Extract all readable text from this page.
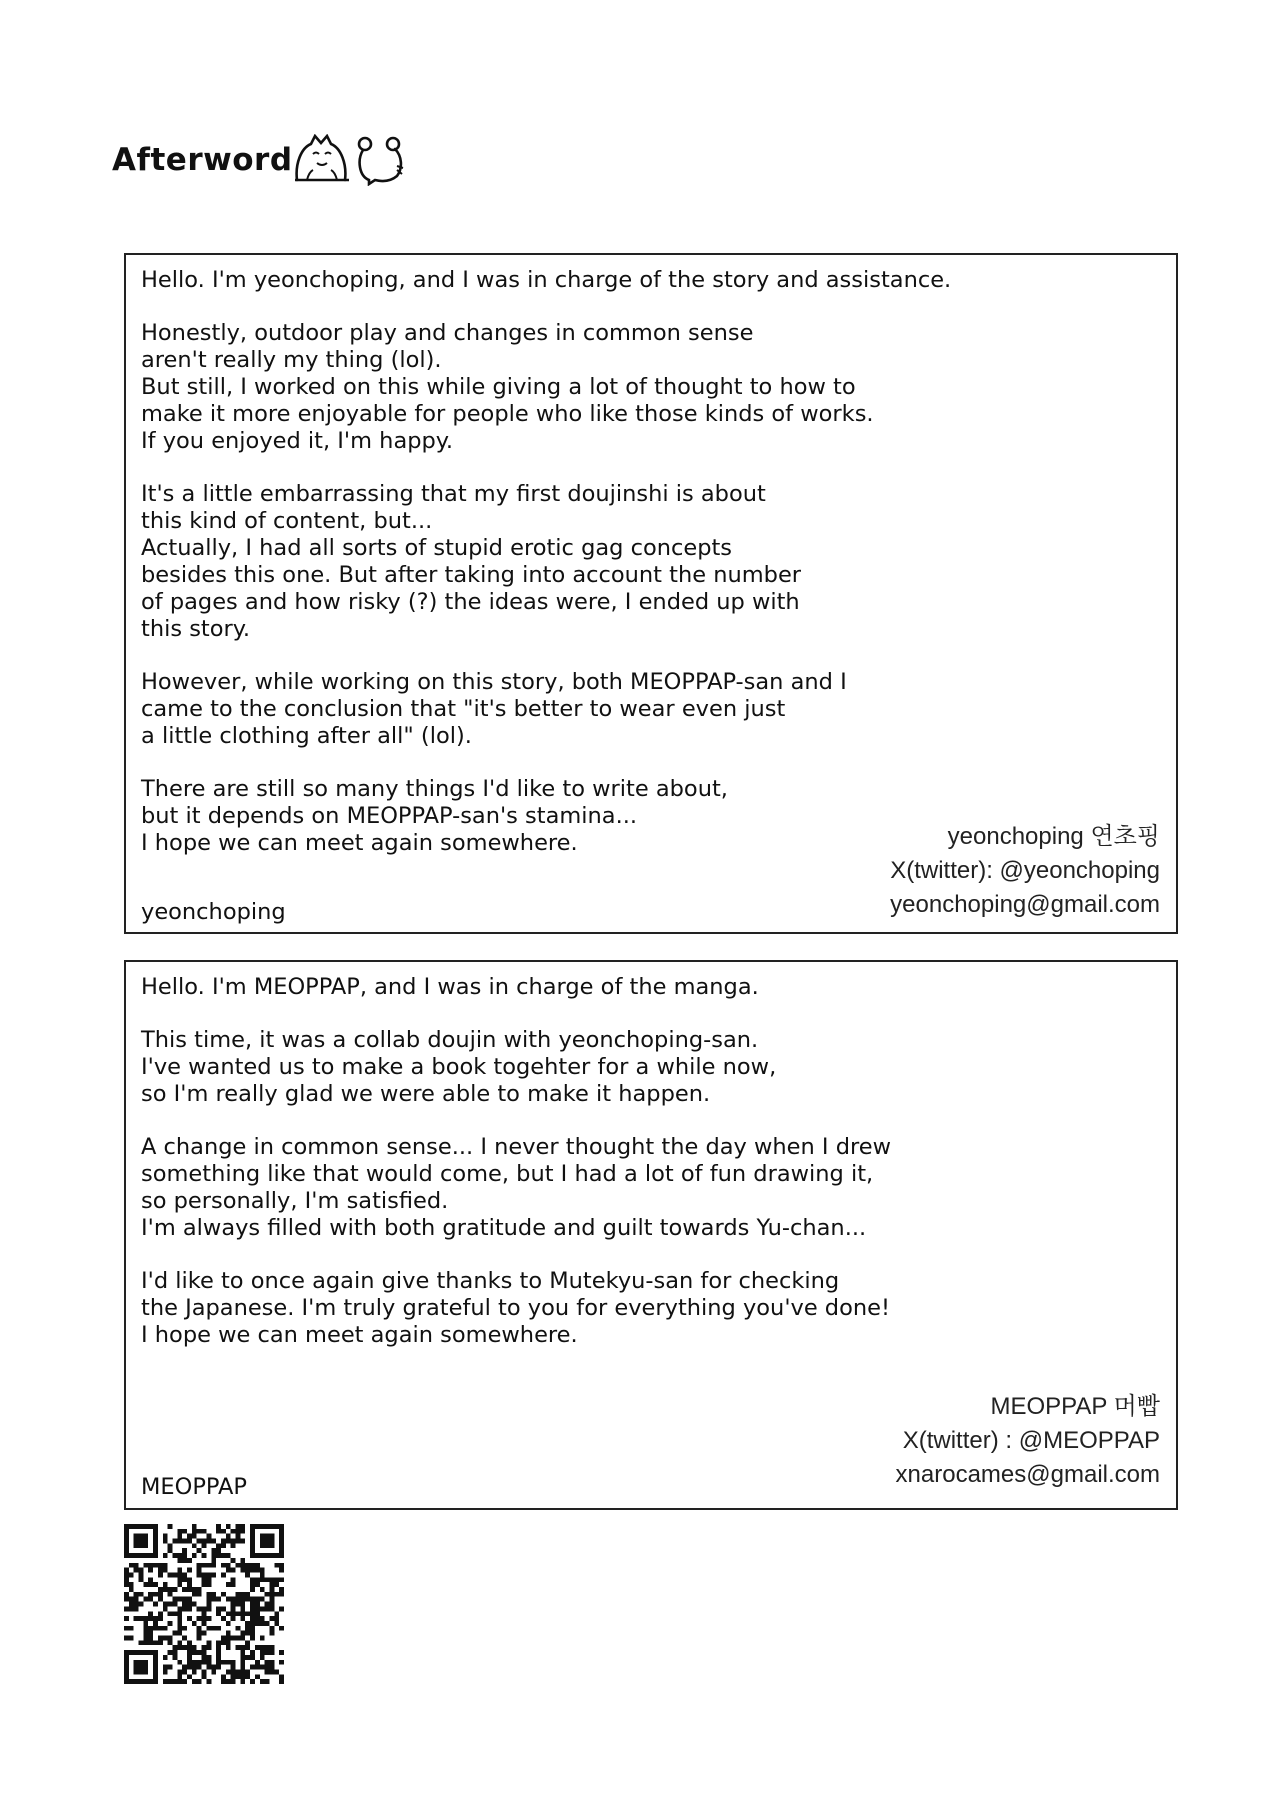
Afterword

Hello. I'm yeonchoping, and I was in charge of the story and assistance.

Honestly, outdoor play and changes in common sense
aren't really my thing (lol).
But still, I worked on this while giving a lot of thought to how to
make it more enjoyable for people who like those kinds of works.
If you enjoyed it, I'm happy.

It's a little embarrassing that my first doujinshi is about
this kind of content, but...
Actually, I had all sorts of stupid erotic gag concepts
besides this one. But after taking into account the number
of pages and how risky (?) the ideas were, I ended up with
this story.

However, while working on this story, both MEOPPAP-san and I
came to the conclusion that "it's better to wear even just
a little clothing after all" (lol).

There are still so many things I'd like to write about,
but it depends on MEOPPAP-san's stamina...
I hope we can meet again somewhere.	yeonchoping 연초핑
X(twitter): @yeonchoping
yeonchoping@gmail.com
yeonchoping

Hello. I'm MEOPPAP, and I was in charge of the manga.

This time, it was a collab doujin with yeonchoping-san.
I've wanted us to make a book togehter for a while now,
so I'm really glad we were able to make it happen.

A change in common sense... I never thought the day when I drew
something like that would come, but I had a lot of fun drawing it,
so personally, I'm satisfied.
I'm always filled with both gratitude and guilt towards Yu-chan...

I'd like to once again give thanks to Mutekyu-san for checking
the Japanese. I'm truly grateful to you for everything you've done!
I hope we can meet again somewhere.

MEOPPAP 머빱
X(twitter) : @MEOPPAP
xnarocames@gmail.com
MEOPPAP
